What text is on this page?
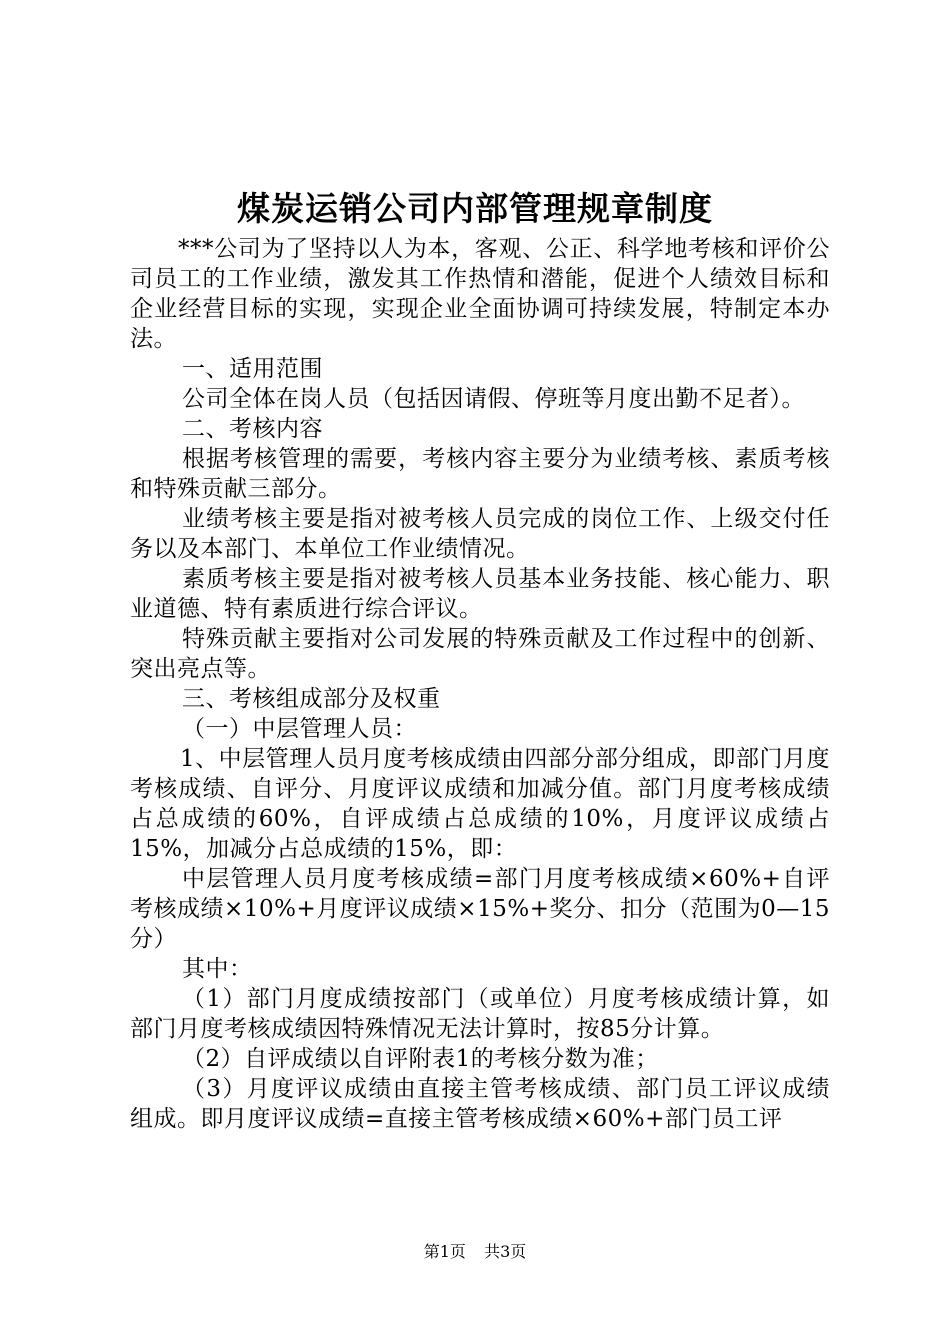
煤炭运销公司内部管理规章制度

***公司为了坚持以人为本，客观、公正、科学地考核和评价公司员工的工作业绩，激发其工作热情和潜能，促进个人绩效目标和企业经营目标的实现，实现企业全面协调可持续发展，特制定本办法。

一、适用范围

公司全体在岗人员（包括因请假、停班等月度出勤不足者）。

二、考核内容

根据考核管理的需要，考核内容主要分为业绩考核、素质考核和特殊贡献三部分。

业绩考核主要是指对被考核人员完成的岗位工作、上级交付任务以及本部门、本单位工作业绩情况。

素质考核主要是指对被考核人员基本业务技能、核心能力、职业道德、特有素质进行综合评议。

特殊贡献主要指对公司发展的特殊贡献及工作过程中的创新、突出亮点等。

三、考核组成部分及权重

（一）中层管理人员：

1、中层管理人员月度考核成绩由四部分部分组成，即部门月度考核成绩、自评分、月度评议成绩和加减分值。部门月度考核成绩占总成绩的60%，自评成绩占总成绩的10%，月度评议成绩占15%，加减分占总成绩的15%，即：

中层管理人员月度考核成绩=部门月度考核成绩×60%+自评考核成绩×10%+月度评议成绩×15%+奖分、扣分（范围为0—15分）

其中：

（1）部门月度成绩按部门（或单位）月度考核成绩计算，如部门月度考核成绩因特殊情况无法计算时，按85分计算。

（2）自评成绩以自评附表1的考核分数为准；

（3）月度评议成绩由直接主管考核成绩、部门员工评议成绩组成。即月度评议成绩=直接主管考核成绩×60%+部门员工评

第1页 共3页
